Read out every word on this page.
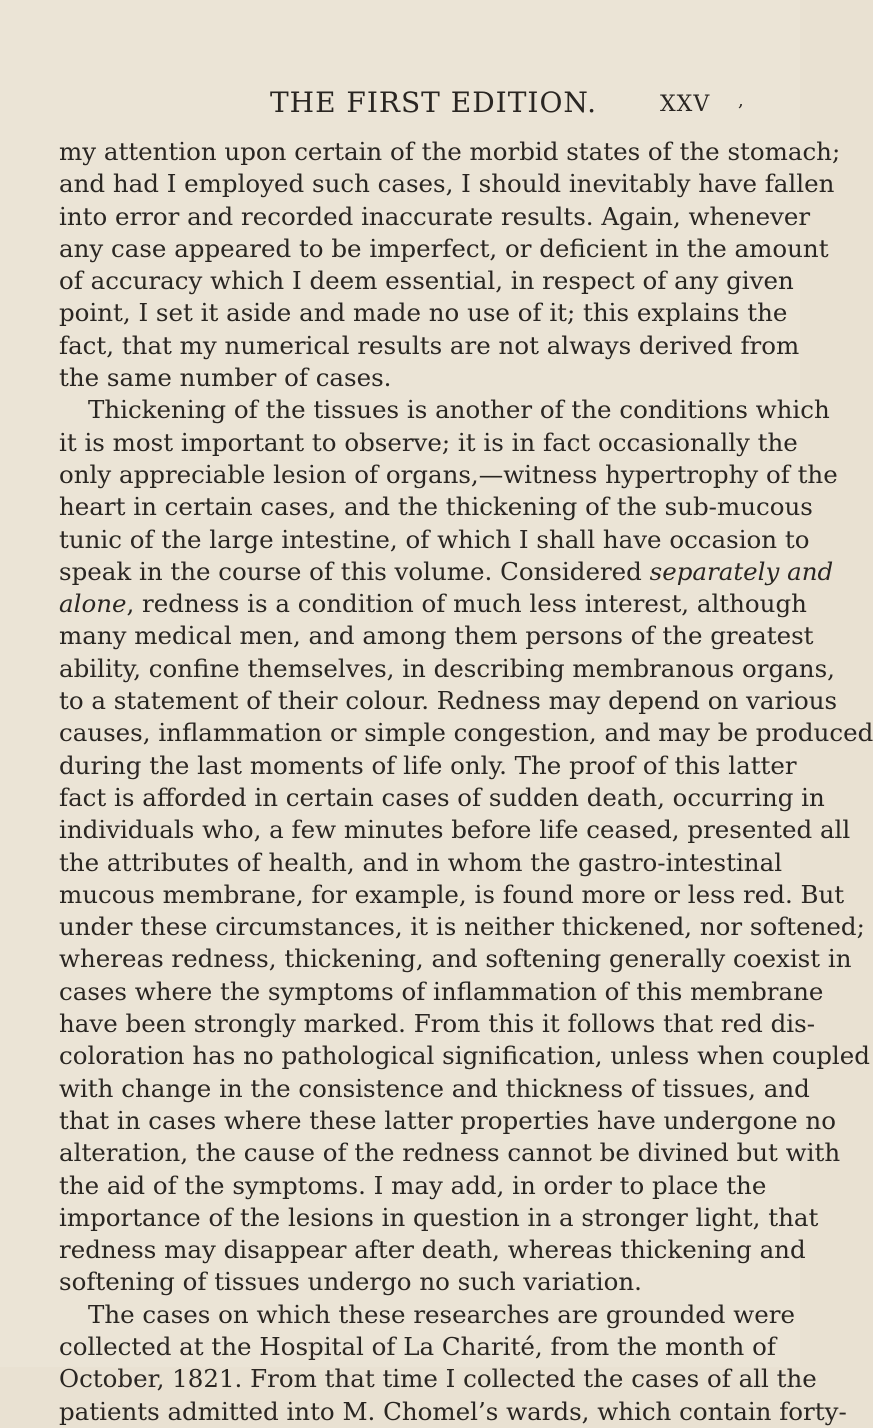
THE FIRST EDITION.	XXV ,
my attention upon certain of the morbid states of the stomach;
and had I employed such cases, I should inevitably have fallen
into error and recorded inaccurate results. Again, whenever
any case appeared to be imperfect, or deficient in the amount
of accuracy which I deem essential, in respect of any given
point, I set it aside and made no use of it; this explains the
fact, that my numerical results are not always derived from
the same number of cases.
Thickening of the tissues is another of the conditions which
it is most important to observe; it is in fact occasionally the
only appreciable lesion of organs,—witness hypertrophy of the
heart in certain cases, and the thickening of the sub-mucous
tunic of the large intestine, of which I shall have occasion to
speak in the course of this volume. Considered separately and
alone, redness is a condition of much less interest, although
many medical men, and among them persons of the greatest
ability, confine themselves, in describing membranous organs,
to a statement of their colour. Redness may depend on various
causes, inflammation or simple congestion, and may be produced
during the last moments of life only. The proof of this latter
fact is afforded in certain cases of sudden death, occurring in
individuals who, a few minutes before life ceased, presented all
the attributes of health, and in whom the gastro-intestinal
mucous membrane, for example, is found more or less red. But
under these circumstances, it is neither thickened, nor softened;
whereas redness, thickening, and softening generally coexist in
cases where the symptoms of inflammation of this membrane
have been strongly marked. From this it follows that red dis-
coloration has no pathological signification, unless when coupled
with change in the consistence and thickness of tissues, and
that in cases where these latter properties have undergone no
alteration, the cause of the redness cannot be divined but with
the aid of the symptoms. I may add, in order to place the
importance of the lesions in question in a stronger light, that
redness may disappear after death, whereas thickening and
softening of tissues undergo no such variation.
The cases on which these researches are grounded were
collected at the Hospital of La Charité, from the month of
October, 1821. From that time I collected the cases of all the
patients admitted into M. Chomel’s wards, which contain forty-
